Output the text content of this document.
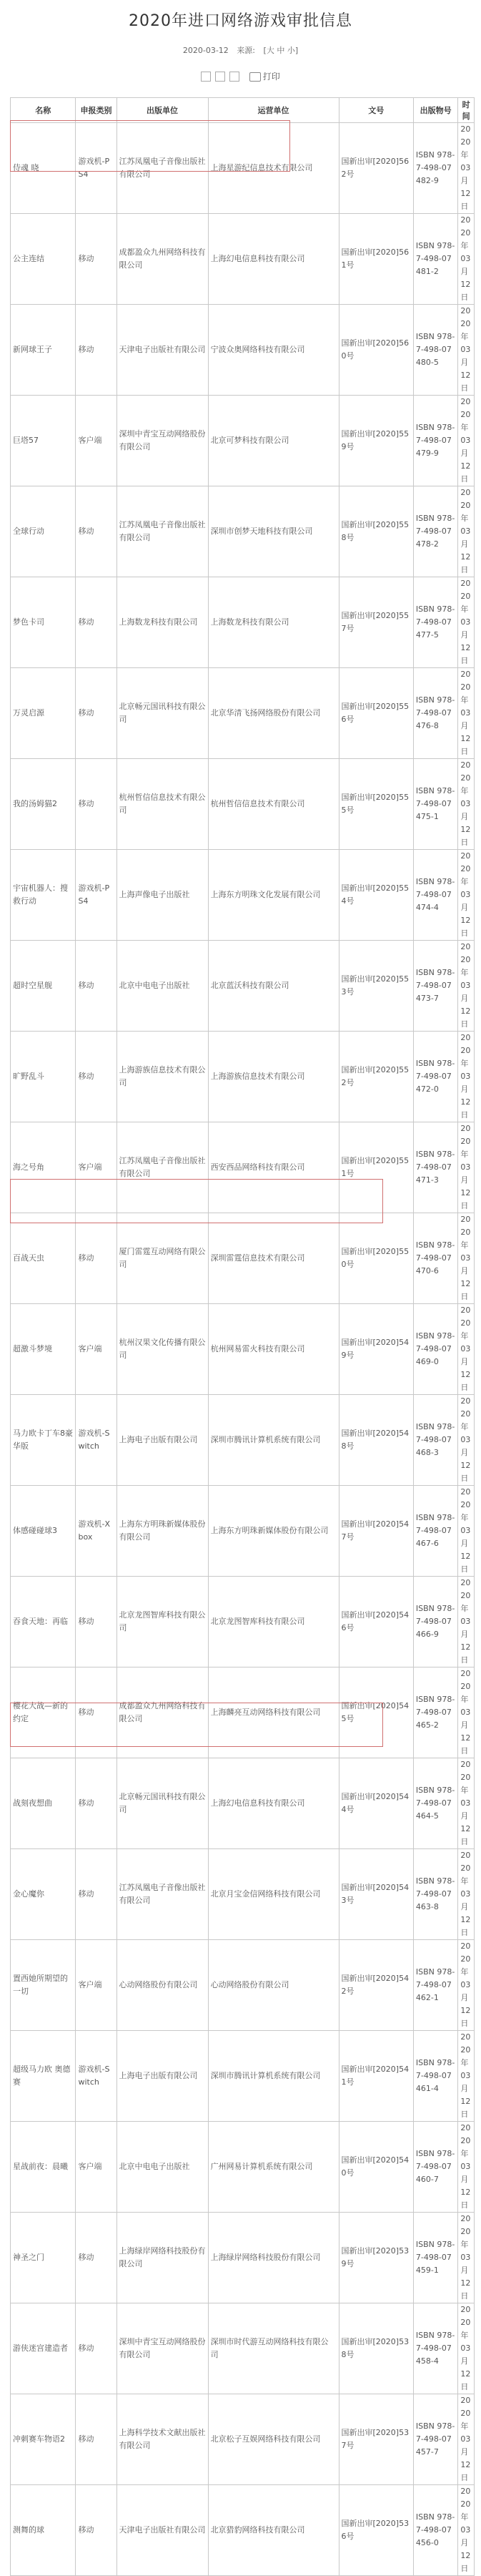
2020年进口网络游戏审批信息
2020-03-12 来源: [大 中 小]
打印
名称	申报类别	出版单位	运营单位	文号	出版物号	时间
侍魂 晓	游戏机-PS4	江苏凤凰电子音像出版社有限公司	上海星游纪信息技术有限公司	国新出审[2020]562号	ISBN 978-7-498-07482-9	2020年03月12日
公主连结	移动	成都盈众九州网络科技有限公司	上海幻电信息科技有限公司	国新出审[2020]561号	ISBN 978-7-498-07481-2	2020年03月12日
新网球王子	移动	天津电子出版社有限公司	宁波众奥网络科技有限公司	国新出审[2020]560号	ISBN 978-7-498-07480-5	2020年03月12日
巨塔57	客户端	深圳中青宝互动网络股份有限公司	北京可梦科技有限公司	国新出审[2020]559号	ISBN 978-7-498-07479-9	2020年03月12日
全球行动	移动	江苏凤凰电子音像出版社有限公司	深圳市创梦天地科技有限公司	国新出审[2020]558号	ISBN 978-7-498-07478-2	2020年03月12日
梦色卡司	移动	上海数龙科技有限公司	上海数龙科技有限公司	国新出审[2020]557号	ISBN 978-7-498-07477-5	2020年03月12日
万灵启源	移动	北京畅元国讯科技有限公司	北京华清飞扬网络股份有限公司	国新出审[2020]556号	ISBN 978-7-498-07476-8	2020年03月12日
我的汤姆猫2	移动	杭州哲信信息技术有限公司	杭州哲信信息技术有限公司	国新出审[2020]555号	ISBN 978-7-498-07475-1	2020年03月12日
宇宙机器人：搜救行动	游戏机-PS4	上海声像电子出版社	上海东方明珠文化发展有限公司	国新出审[2020]554号	ISBN 978-7-498-07474-4	2020年03月12日
超时空星舰	移动	北京中电电子出版社	北京蓝沃科技有限公司	国新出审[2020]553号	ISBN 978-7-498-07473-7	2020年03月12日
旷野乱斗	移动	上海游族信息技术有限公司	上海游族信息技术有限公司	国新出审[2020]552号	ISBN 978-7-498-07472-0	2020年03月12日
海之号角	客户端	江苏凤凰电子音像出版社有限公司	西安西品网络科技有限公司	国新出审[2020]551号	ISBN 978-7-498-07471-3	2020年03月12日
百战天虫	移动	厦门雷霆互动网络有限公司	深圳雷霆信息技术有限公司	国新出审[2020]550号	ISBN 978-7-498-07470-6	2020年03月12日
超激斗梦境	客户端	杭州汉果文化传播有限公司	杭州网易雷火科技有限公司	国新出审[2020]549号	ISBN 978-7-498-07469-0	2020年03月12日
马力欧卡丁车8豪华版	游戏机-Switch	上海电子出版有限公司	深圳市腾讯计算机系统有限公司	国新出审[2020]548号	ISBN 978-7-498-07468-3	2020年03月12日
体感碰碰球3	游戏机-Xbox	上海东方明珠新媒体股份有限公司	上海东方明珠新媒体股份有限公司	国新出审[2020]547号	ISBN 978-7-498-07467-6	2020年03月12日
吞食天地：再临	移动	北京龙图智库科技有限公司	北京龙图智库科技有限公司	国新出审[2020]546号	ISBN 978-7-498-07466-9	2020年03月12日
樱花大战—新的约定	移动	成都盈众九州网络科技有限公司	上海麟亮互动网络科技有限公司	国新出审[2020]545号	ISBN 978-7-498-07465-2	2020年03月12日
战刻夜想曲	移动	北京畅元国讯科技有限公司	上海幻电信息科技有限公司	国新出审[2020]544号	ISBN 978-7-498-07464-5	2020年03月12日
金心魔你	移动	江苏凤凰电子音像出版社有限公司	北京月宝金信网络科技有限公司	国新出审[2020]543号	ISBN 978-7-498-07463-8	2020年03月12日
置西她所期望的一切	客户端	心动网络股份有限公司	心动网络股份有限公司	国新出审[2020]542号	ISBN 978-7-498-07462-1	2020年03月12日
超级马力欧 奥德赛	游戏机-Switch	上海电子出版有限公司	深圳市腾讯计算机系统有限公司	国新出审[2020]541号	ISBN 978-7-498-07461-4	2020年03月12日
星战前夜：晨曦	客户端	北京中电电子出版社	广州网易计算机系统有限公司	国新出审[2020]540号	ISBN 978-7-498-07460-7	2020年03月12日
神圣之门	移动	上海绿岸网络科技股份有限公司	上海绿岸网络科技股份有限公司	国新出审[2020]539号	ISBN 978-7-498-07459-1	2020年03月12日
游侠迷宫建造者	移动	深圳中青宝互动网络股份有限公司	深圳市时代游互动网络科技有限公司	国新出审[2020]538号	ISBN 978-7-498-07458-4	2020年03月12日
冲刺赛车物语2	移动	上海科学技术文献出版社有限公司	北京松子互娱网络科技有限公司	国新出审[2020]537号	ISBN 978-7-498-07457-7	2020年03月12日
测舞的球	移动	天津电子出版社有限公司	北京猎豹网络科技有限公司	国新出审[2020]536号	ISBN 978-7-498-07456-0	2020年03月12日
